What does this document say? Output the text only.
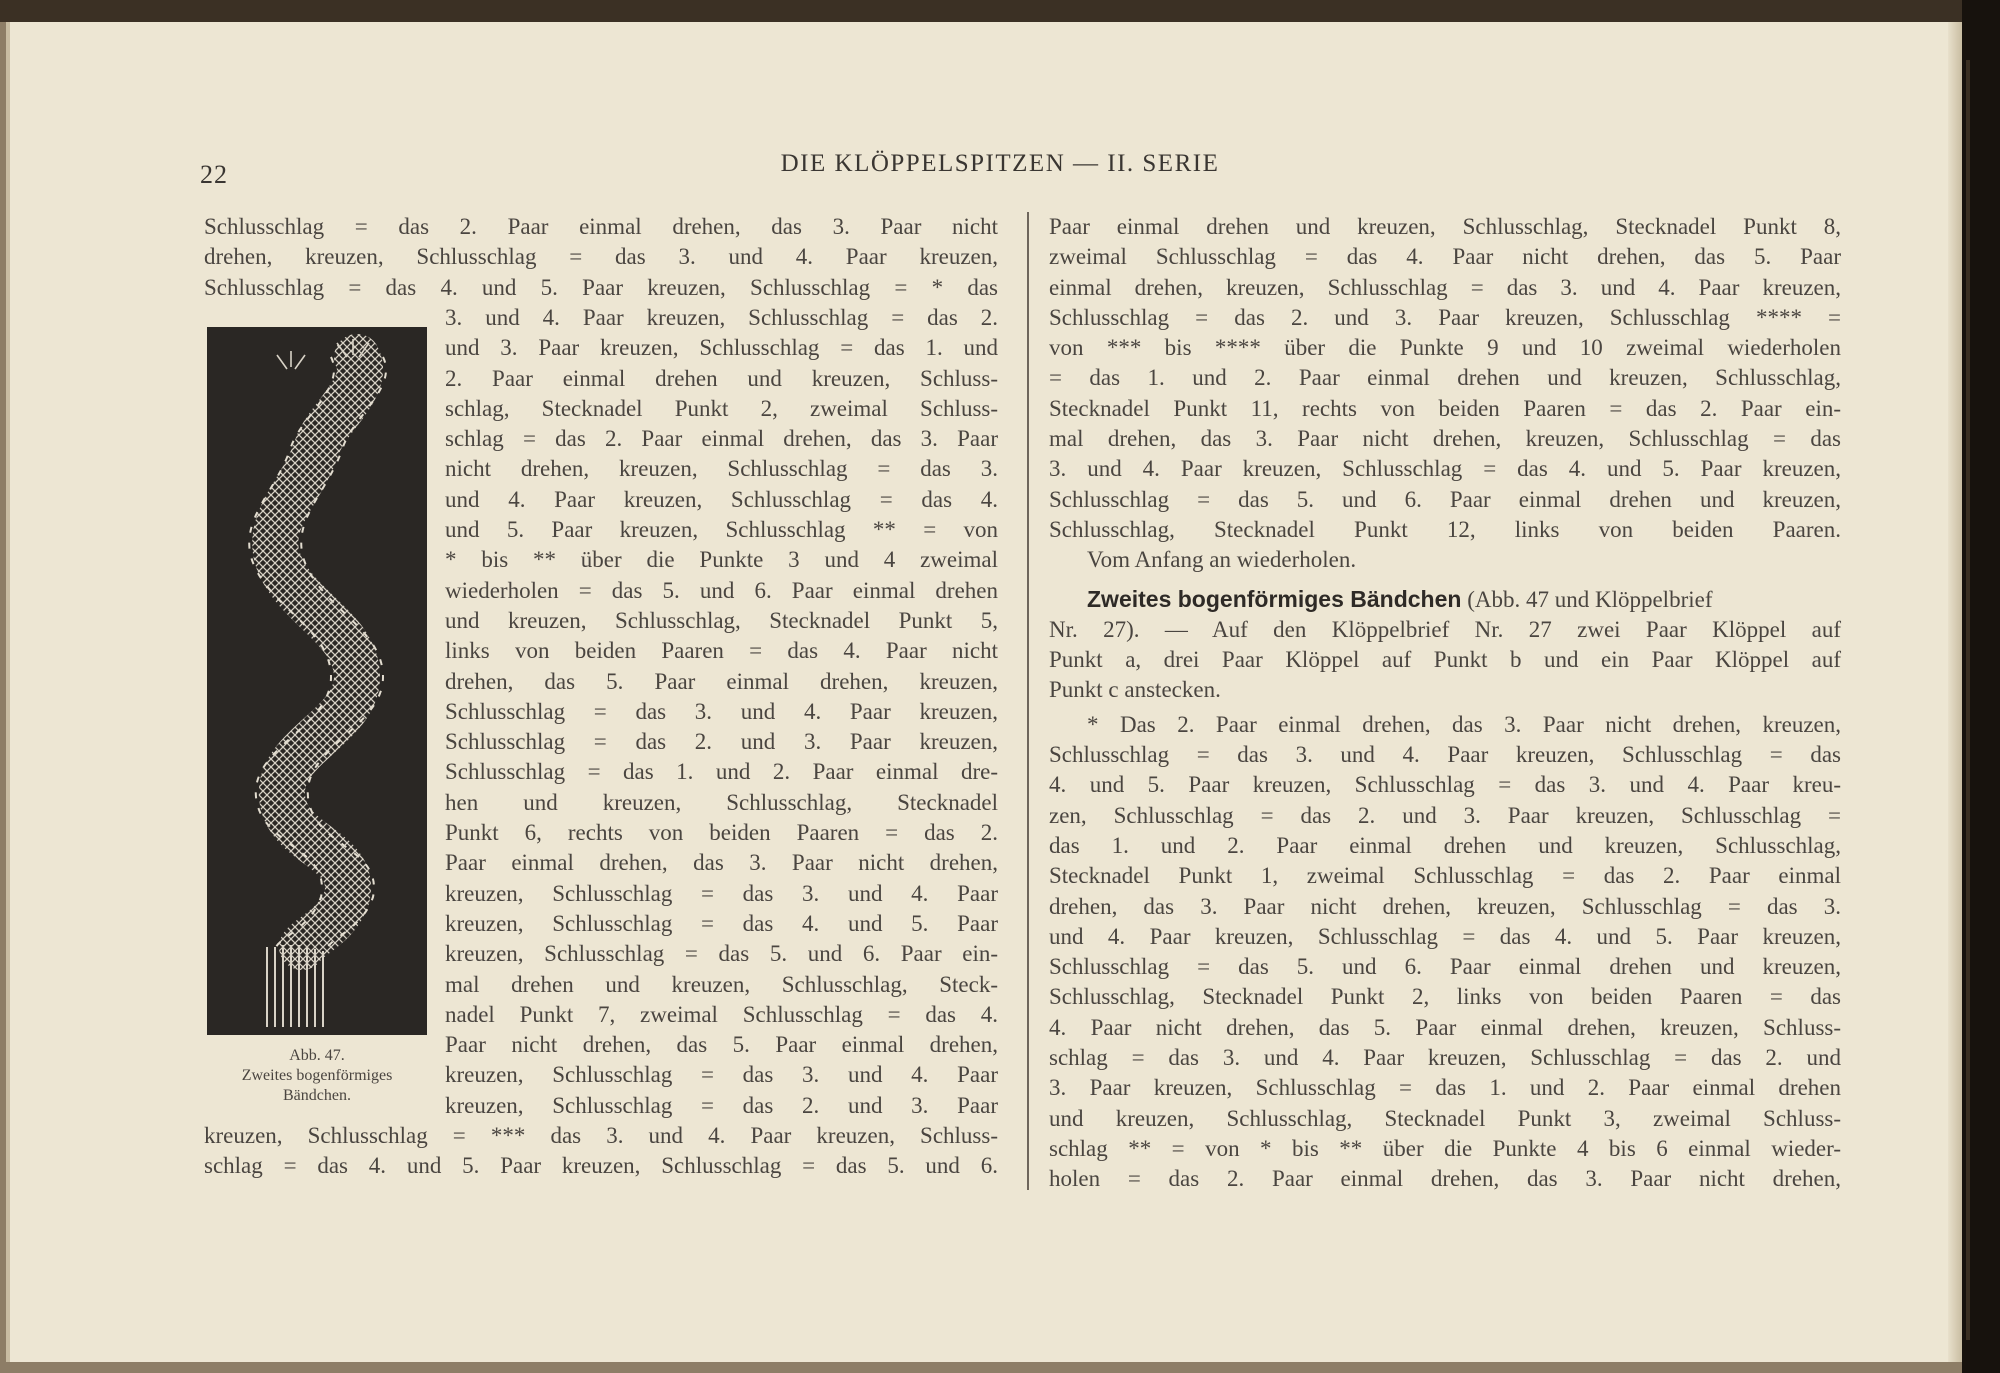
22	DIE KLÖPPELSPITZEN — II. SERIE
Abb. 47.
Zweites bogenförmiges
Bändchen.
Schlusschlag = das 2. Paar einmal drehen, das 3. Paar nicht
drehen, kreuzen, Schlusschlag = das 3. und 4. Paar kreuzen,
Schlusschlag = das 4. und 5. Paar kreuzen, Schlusschlag = * das
3. und 4. Paar kreuzen, Schlusschlag = das 2.
und 3. Paar kreuzen, Schlusschlag = das 1. und
2. Paar einmal drehen und kreuzen, Schluss-
schlag, Stecknadel Punkt 2, zweimal Schluss-
schlag = das 2. Paar einmal drehen, das 3. Paar
nicht drehen, kreuzen, Schlusschlag = das 3.
und 4. Paar kreuzen, Schlusschlag = das 4.
und 5. Paar kreuzen, Schlusschlag ** = von
* bis ** über die Punkte 3 und 4 zweimal
wiederholen = das 5. und 6. Paar einmal drehen
und kreuzen, Schlusschlag, Stecknadel Punkt 5,
links von beiden Paaren = das 4. Paar nicht
drehen, das 5. Paar einmal drehen, kreuzen,
Schlusschlag = das 3. und 4. Paar kreuzen,
Schlusschlag = das 2. und 3. Paar kreuzen,
Schlusschlag = das 1. und 2. Paar einmal dre-
hen und kreuzen, Schlusschlag, Stecknadel
Punkt 6, rechts von beiden Paaren = das 2.
Paar einmal drehen, das 3. Paar nicht drehen,
kreuzen, Schlusschlag = das 3. und 4. Paar
kreuzen, Schlusschlag = das 4. und 5. Paar
kreuzen, Schlusschlag = das 5. und 6. Paar ein-
mal drehen und kreuzen, Schlusschlag, Steck-
nadel Punkt 7, zweimal Schlusschlag = das 4.
Paar nicht drehen, das 5. Paar einmal drehen,
kreuzen, Schlusschlag = das 3. und 4. Paar
kreuzen, Schlusschlag = das 2. und 3. Paar
kreuzen, Schlusschlag = *** das 3. und 4. Paar kreuzen, Schluss-
schlag = das 4. und 5. Paar kreuzen, Schlusschlag = das 5. und 6.
Paar einmal drehen und kreuzen, Schlusschlag, Stecknadel Punkt 8,
zweimal Schlusschlag = das 4. Paar nicht drehen, das 5. Paar
einmal drehen, kreuzen, Schlusschlag = das 3. und 4. Paar kreuzen,
Schlusschlag = das 2. und 3. Paar kreuzen, Schlusschlag **** =
von *** bis **** über die Punkte 9 und 10 zweimal wiederholen
= das 1. und 2. Paar einmal drehen und kreuzen, Schlusschlag,
Stecknadel Punkt 11, rechts von beiden Paaren = das 2. Paar ein-
mal drehen, das 3. Paar nicht drehen, kreuzen, Schlusschlag = das
3. und 4. Paar kreuzen, Schlusschlag = das 4. und 5. Paar kreuzen,
Schlusschlag = das 5. und 6. Paar einmal drehen und kreuzen,
Schlusschlag, Stecknadel Punkt 12, links von beiden Paaren.
Vom Anfang an wiederholen.
Zweites bogenförmiges Bändchen (Abb. 47 und Klöppelbrief
Nr. 27). — Auf den Klöppelbrief Nr. 27 zwei Paar Klöppel auf
Punkt a, drei Paar Klöppel auf Punkt b und ein Paar Klöppel auf
Punkt c anstecken.
* Das 2. Paar einmal drehen, das 3. Paar nicht drehen, kreuzen,
Schlusschlag = das 3. und 4. Paar kreuzen, Schlusschlag = das
4. und 5. Paar kreuzen, Schlusschlag = das 3. und 4. Paar kreu-
zen, Schlusschlag = das 2. und 3. Paar kreuzen, Schlusschlag =
das 1. und 2. Paar einmal drehen und kreuzen, Schlusschlag,
Stecknadel Punkt 1, zweimal Schlusschlag = das 2. Paar einmal
drehen, das 3. Paar nicht drehen, kreuzen, Schlusschlag = das 3.
und 4. Paar kreuzen, Schlusschlag = das 4. und 5. Paar kreuzen,
Schlusschlag = das 5. und 6. Paar einmal drehen und kreuzen,
Schlusschlag, Stecknadel Punkt 2, links von beiden Paaren = das
4. Paar nicht drehen, das 5. Paar einmal drehen, kreuzen, Schluss-
schlag = das 3. und 4. Paar kreuzen, Schlusschlag = das 2. und
3. Paar kreuzen, Schlusschlag = das 1. und 2. Paar einmal drehen
und kreuzen, Schlusschlag, Stecknadel Punkt 3, zweimal Schluss-
schlag ** = von * bis ** über die Punkte 4 bis 6 einmal wieder-
holen = das 2. Paar einmal drehen, das 3. Paar nicht drehen,
